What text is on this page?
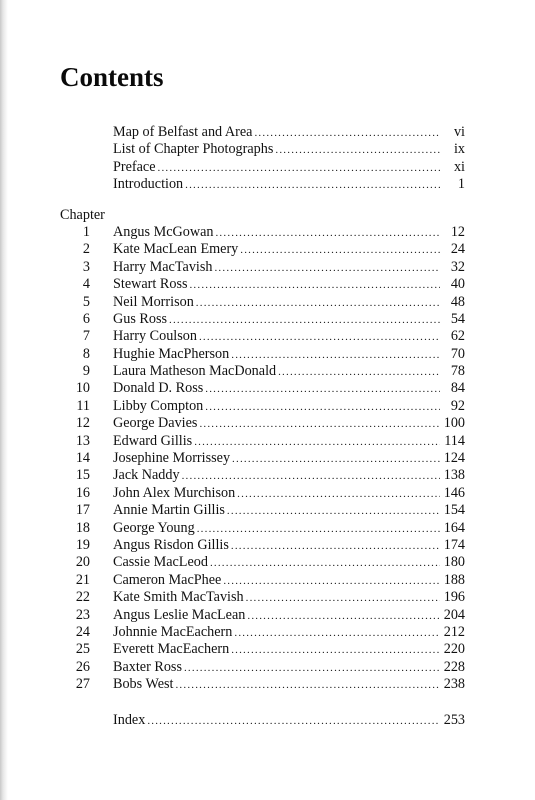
Contents
Map of Belfast and Area .....	vi
List of Chapter Photographs .....	ix
Preface .....	xi
Introduction .....	1
Chapter
1 Angus McGowan .....	12
2 Kate MacLean Emery .....	24
3 Harry MacTavish .....	32
4 Stewart Ross .....	40
5 Neil Morrison .....	48
6 Gus Ross .....	54
7 Harry Coulson .....	62
8 Hughie MacPherson .....	70
9 Laura Matheson MacDonald .....	78
10 Donald D. Ross .....	84
11 Libby Compton .....	92
12 George Davies .....	100
13 Edward Gillis .....	114
14 Josephine Morrissey .....	124
15 Jack Naddy .....	138
16 John Alex Murchison .....	146
17 Annie Martin Gillis .....	154
18 George Young .....	164
19 Angus Risdon Gillis .....	174
20 Cassie MacLeod .....	180
21 Cameron MacPhee .....	188
22 Kate Smith MacTavish .....	196
23 Angus Leslie MacLean .....	204
24 Johnnie MacEachern .....	212
25 Everett MacEachern .....	220
26 Baxter Ross .....	228
27 Bobs West .....	238
Index .....	253
